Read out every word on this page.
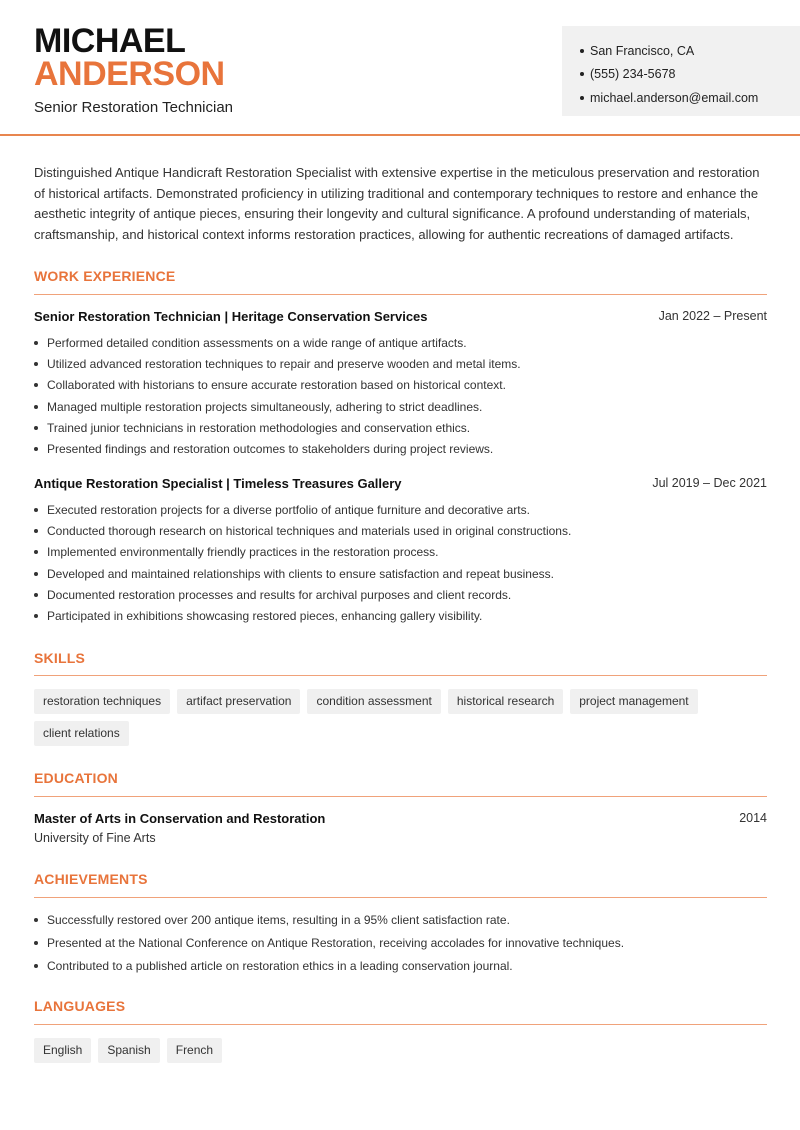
MICHAEL
ANDERSON
Senior Restoration Technician
San Francisco, CA
(555) 234-5678
michael.anderson@email.com

Distinguished Antique Handicraft Restoration Specialist with extensive expertise in the meticulous preservation and restoration of historical artifacts. Demonstrated proficiency in utilizing traditional and contemporary techniques to restore and enhance the aesthetic integrity of antique pieces, ensuring their longevity and cultural significance. A profound understanding of materials, craftsmanship, and historical context informs restoration practices, allowing for authentic recreations of damaged artifacts.

WORK EXPERIENCE
Senior Restoration Technician | Heritage Conservation Services	Jan 2022 – Present
Performed detailed condition assessments on a wide range of antique artifacts.
Utilized advanced restoration techniques to repair and preserve wooden and metal items.
Collaborated with historians to ensure accurate restoration based on historical context.
Managed multiple restoration projects simultaneously, adhering to strict deadlines.
Trained junior technicians in restoration methodologies and conservation ethics.
Presented findings and restoration outcomes to stakeholders during project reviews.
Antique Restoration Specialist | Timeless Treasures Gallery	Jul 2019 – Dec 2021
Executed restoration projects for a diverse portfolio of antique furniture and decorative arts.
Conducted thorough research on historical techniques and materials used in original constructions.
Implemented environmentally friendly practices in the restoration process.
Developed and maintained relationships with clients to ensure satisfaction and repeat business.
Documented restoration processes and results for archival purposes and client records.
Participated in exhibitions showcasing restored pieces, enhancing gallery visibility.
SKILLS
restoration techniques	artifact preservation	condition assessment	historical research	project management
client relations
EDUCATION
Master of Arts in Conservation and Restoration	2014
University of Fine Arts
ACHIEVEMENTS
Successfully restored over 200 antique items, resulting in a 95% client satisfaction rate.
Presented at the National Conference on Antique Restoration, receiving accolades for innovative techniques.
Contributed to a published article on restoration ethics in a leading conservation journal.
LANGUAGES
English	Spanish	French
